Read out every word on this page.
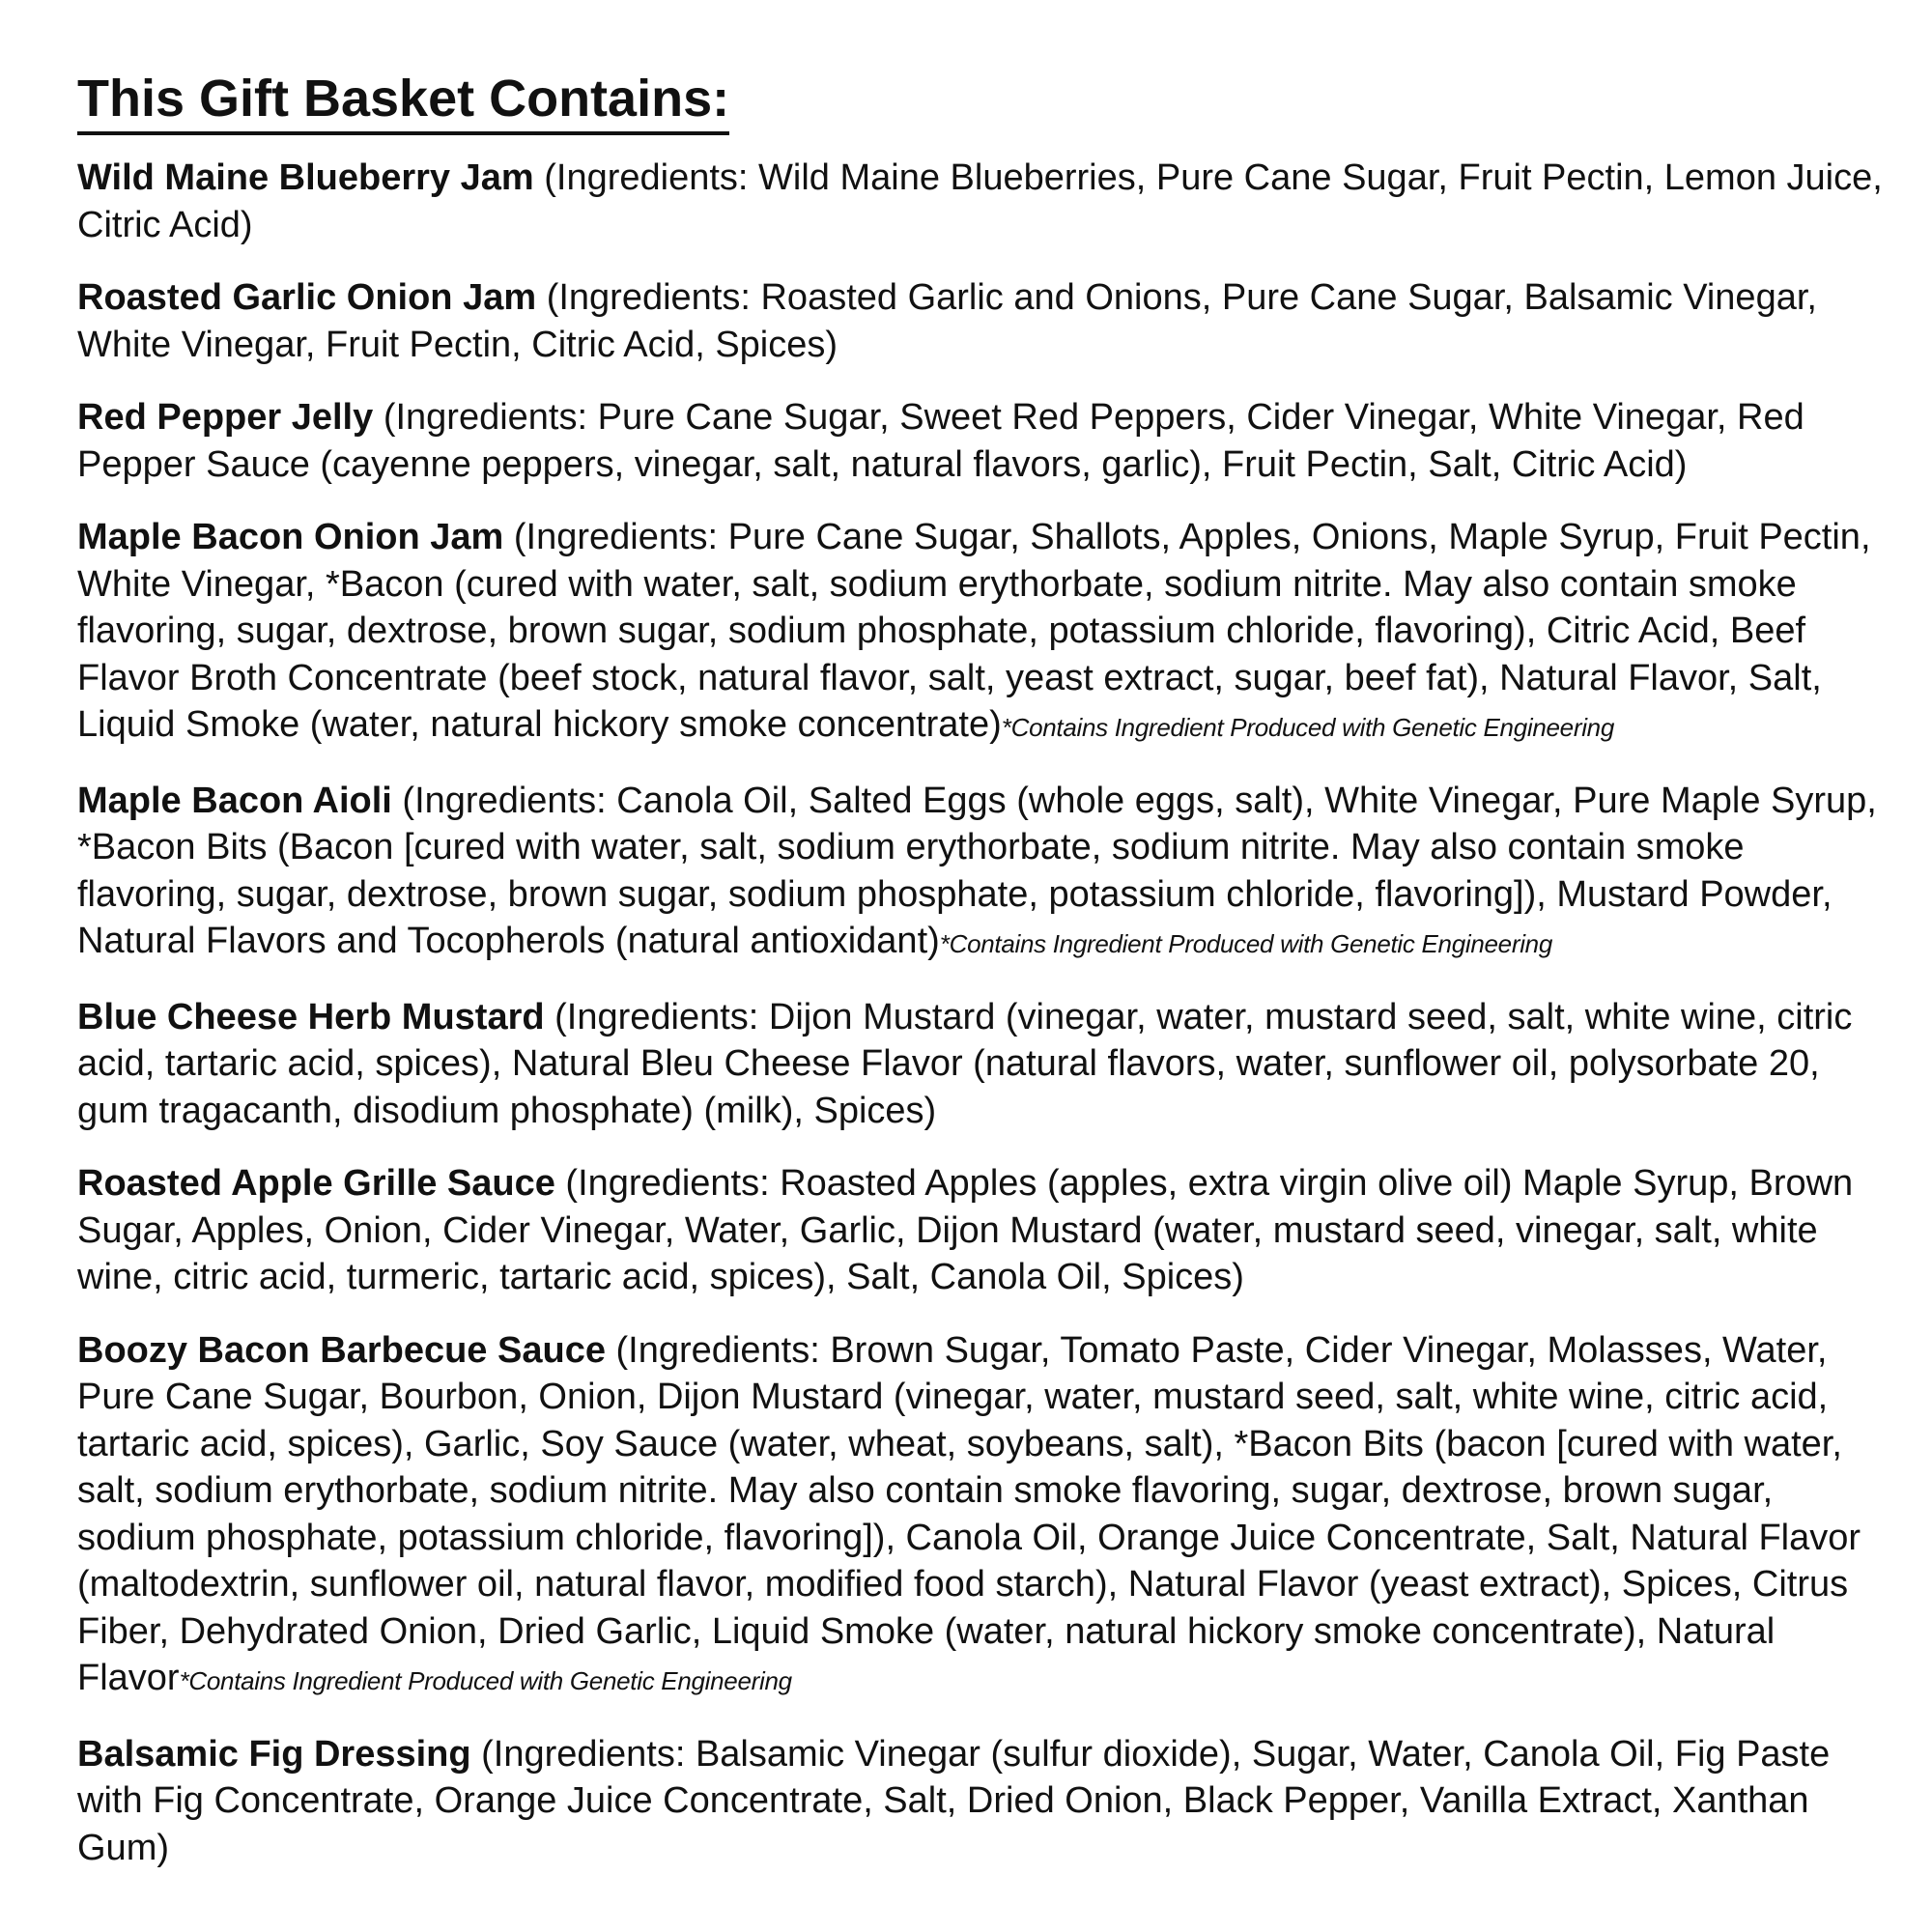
This Gift Basket Contains:

Wild Maine Blueberry Jam (Ingredients: Wild Maine Blueberries, Pure Cane Sugar, Fruit Pectin, Lemon Juice, Citric Acid)

Roasted Garlic Onion Jam (Ingredients: Roasted Garlic and Onions, Pure Cane Sugar, Balsamic Vinegar, White Vinegar, Fruit Pectin, Citric Acid, Spices)

Red Pepper Jelly (Ingredients: Pure Cane Sugar, Sweet Red Peppers, Cider Vinegar, White Vinegar, Red Pepper Sauce (cayenne peppers, vinegar, salt, natural flavors, garlic), Fruit Pectin, Salt, Citric Acid)

Maple Bacon Onion Jam (Ingredients: Pure Cane Sugar, Shallots, Apples, Onions, Maple Syrup, Fruit Pectin, White Vinegar, *Bacon (cured with water, salt, sodium erythorbate, sodium nitrite. May also contain smoke flavoring, sugar, dextrose, brown sugar, sodium phosphate, potassium chloride, flavoring), Citric Acid, Beef Flavor Broth Concentrate (beef stock, natural flavor, salt, yeast extract, sugar, beef fat), Natural Flavor, Salt, Liquid Smoke (water, natural hickory smoke concentrate)*Contains Ingredient Produced with Genetic Engineering

Maple Bacon Aioli (Ingredients: Canola Oil, Salted Eggs (whole eggs, salt), White Vinegar, Pure Maple Syrup, *Bacon Bits (Bacon [cured with water, salt, sodium erythorbate, sodium nitrite. May also contain smoke flavoring, sugar, dextrose, brown sugar, sodium phosphate, potassium chloride, flavoring]), Mustard Powder, Natural Flavors and Tocopherols (natural antioxidant)*Contains Ingredient Produced with Genetic Engineering

Blue Cheese Herb Mustard (Ingredients: Dijon Mustard (vinegar, water, mustard seed, salt, white wine, citric acid, tartaric acid, spices), Natural Bleu Cheese Flavor (natural flavors, water, sunflower oil, polysorbate 20, gum tragacanth, disodium phosphate) (milk), Spices)

Roasted Apple Grille Sauce (Ingredients: Roasted Apples (apples, extra virgin olive oil) Maple Syrup, Brown Sugar, Apples, Onion, Cider Vinegar, Water, Garlic, Dijon Mustard (water, mustard seed, vinegar, salt, white wine, citric acid, turmeric, tartaric acid, spices), Salt, Canola Oil, Spices)

Boozy Bacon Barbecue Sauce (Ingredients: Brown Sugar, Tomato Paste, Cider Vinegar, Molasses, Water, Pure Cane Sugar, Bourbon, Onion, Dijon Mustard (vinegar, water, mustard seed, salt, white wine, citric acid, tartaric acid, spices), Garlic, Soy Sauce (water, wheat, soybeans, salt), *Bacon Bits (bacon [cured with water, salt, sodium erythorbate, sodium nitrite. May also contain smoke flavoring, sugar, dextrose, brown sugar, sodium phosphate, potassium chloride, flavoring]), Canola Oil, Orange Juice Concentrate, Salt, Natural Flavor (maltodextrin, sunflower oil, natural flavor, modified food starch), Natural Flavor (yeast extract), Spices, Citrus Fiber, Dehydrated Onion, Dried Garlic, Liquid Smoke (water, natural hickory smoke concentrate), Natural Flavor*Contains Ingredient Produced with Genetic Engineering

Balsamic Fig Dressing (Ingredients: Balsamic Vinegar (sulfur dioxide), Sugar, Water, Canola Oil, Fig Paste with Fig Concentrate, Orange Juice Concentrate, Salt, Dried Onion, Black Pepper, Vanilla Extract, Xanthan Gum)
